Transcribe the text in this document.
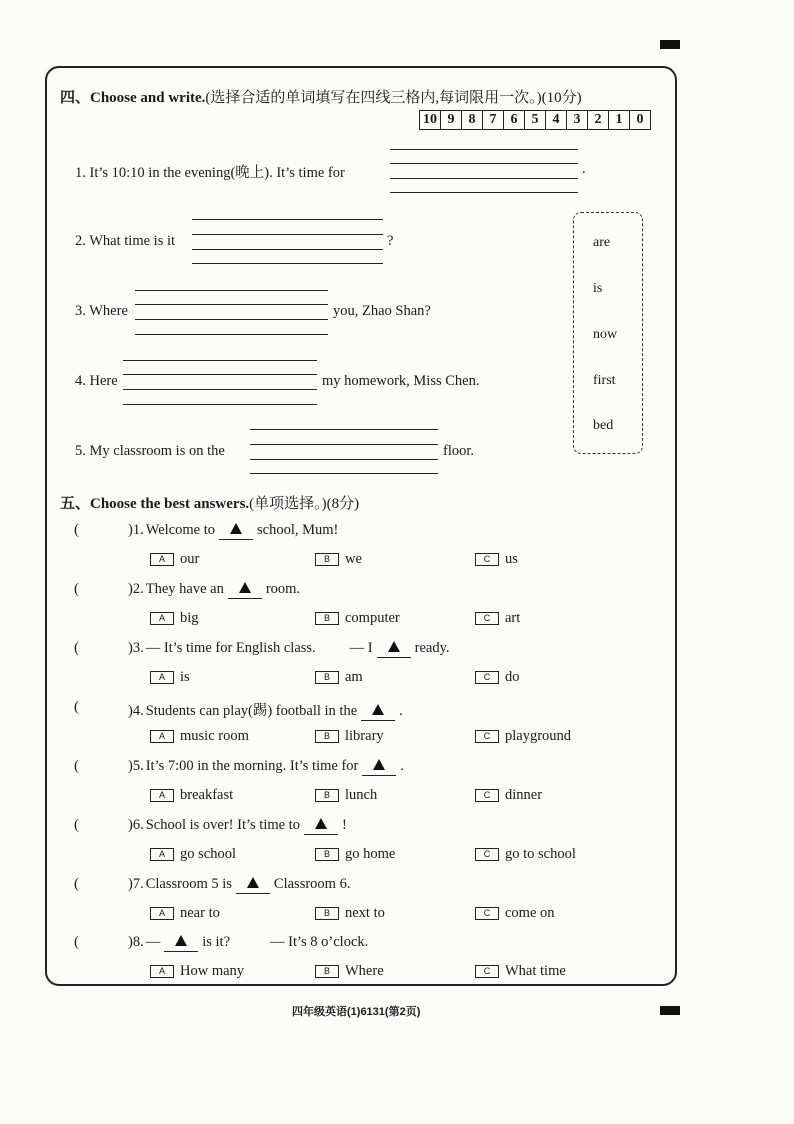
四、Choose and write.(选择合适的单词填写在四线三格内,每词限用一次。)(10分)
10	9	8	7	6	5	4	3	2	1	0
1. It’s 10:10 in the evening(晚上). It’s time for	.
2. What time is it	?
3. Where	you, Zhao Shan?
4. Here	my homework, Miss Chen.
5. My classroom is on the	floor.
are
is
now
first
bed
五、Choose the best answers.(单项选择。)(8分)
(	)1. Welcome to	school, Mum!
A our	B we	C us
(	)2. They have an	room.
A big	B computer	C art
(	)3. — It’s time for English class. — I	ready.
A is	B am	C do
(	)4. Students can play(踢) football in the	.
A music room	B library	C playground
(	)5. It’s 7:00 in the morning. It’s time for	.
A breakfast	B lunch	C dinner
(	)6. School is over! It’s time to	!
A go school	B go home	C go to school
(	)7. Classroom 5 is	Classroom 6.
A near to	B next to	C come on
(	)8. —	is it?	— It’s 8 o’clock.
A How many	B Where	C What time
四年级英语(1)6131(第2页)
